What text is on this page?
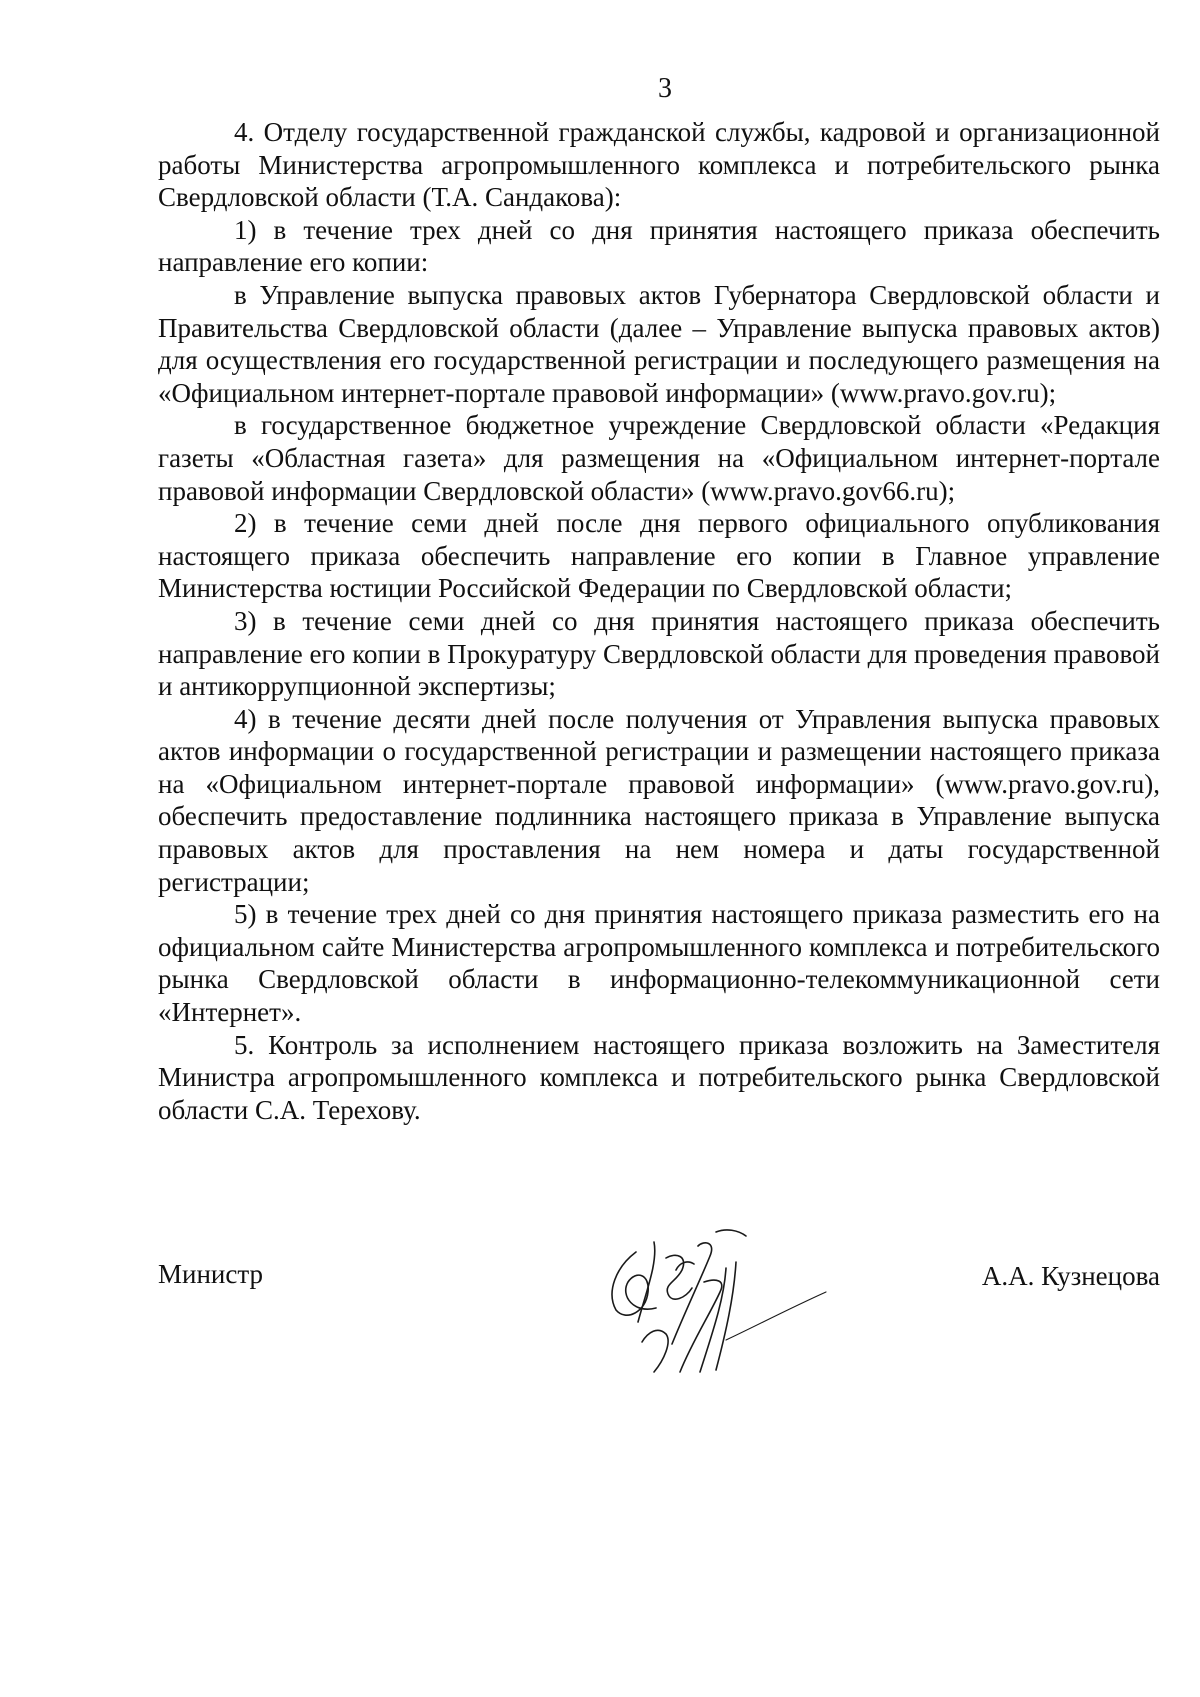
3

4. Отделу государственной гражданской службы, кадровой и организационной работы Министерства агропромышленного комплекса и потребительского рынка Свердловской области (Т.А. Сандакова):

1) в течение трех дней со дня принятия настоящего приказа обеспечить направление его копии:

в Управление выпуска правовых актов Губернатора Свердловской области и Правительства Свердловской области (далее – Управление выпуска правовых актов) для осуществления его государственной регистрации и последующего размещения на «Официальном интернет-портале правовой информации» (www.pravo.gov.ru);

в государственное бюджетное учреждение Свердловской области «Редакция газеты «Областная газета» для размещения на «Официальном интернет-портале правовой информации Свердловской области» (www.pravo.gov66.ru);

2) в течение семи дней после дня первого официального опубликования настоящего приказа обеспечить направление его копии в Главное управление Министерства юстиции Российской Федерации по Свердловской области;

3) в течение семи дней со дня принятия настоящего приказа обеспечить направление его копии в Прокуратуру Свердловской области для проведения правовой и антикоррупционной экспертизы;

4) в течение десяти дней после получения от Управления выпуска правовых актов информации о государственной регистрации и размещении настоящего приказа на «Официальном интернет-портале правовой информации» (www.pravo.gov.ru), обеспечить предоставление подлинника настоящего приказа в Управление выпуска правовых актов для проставления на нем номера и даты государственной регистрации;

5) в течение трех дней со дня принятия настоящего приказа разместить его на официальном сайте Министерства агропромышленного комплекса и потребительского рынка Свердловской области в информационно-телекоммуникационной сети «Интернет».

5. Контроль за исполнением настоящего приказа возложить на Заместителя Министра агропромышленного комплекса и потребительского рынка Свердловской области С.А. Терехову.

Министр	А.А. Кузнецова
